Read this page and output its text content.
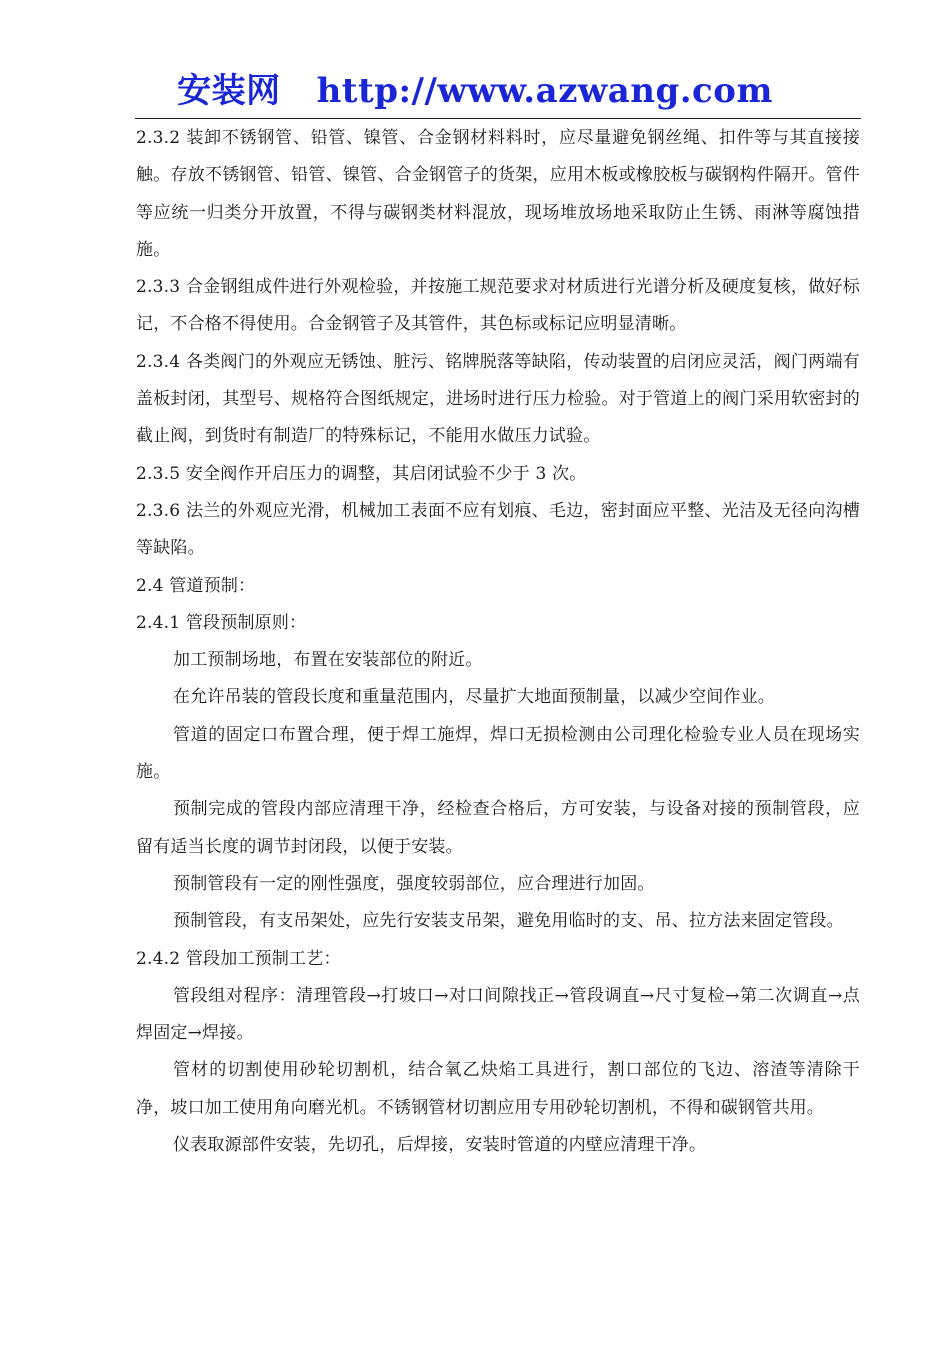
安装网 http://www.azwang.com

2.3.2 装卸不锈钢管、铅管、镍管、合金钢材料料时，应尽量避免钢丝绳、扣件等与其直接接触。存放不锈钢管、铅管、镍管、合金钢管子的货架，应用木板或橡胶板与碳钢构件隔开。管件等应统一归类分开放置，不得与碳钢类材料混放，现场堆放场地采取防止生锈、雨淋等腐蚀措施。

2.3.3 合金钢组成件进行外观检验，并按施工规范要求对材质进行光谱分析及硬度复核，做好标记，不合格不得使用。合金钢管子及其管件，其色标或标记应明显清晰。

2.3.4 各类阀门的外观应无锈蚀、脏污、铭牌脱落等缺陷，传动装置的启闭应灵活，阀门两端有盖板封闭，其型号、规格符合图纸规定，进场时进行压力检验。对于管道上的阀门采用软密封的截止阀，到货时有制造厂的特殊标记，不能用水做压力试验。

2.3.5 安全阀作开启压力的调整，其启闭试验不少于 3 次。

2.3.6 法兰的外观应光滑，机械加工表面不应有划痕、毛边，密封面应平整、光洁及无径向沟槽等缺陷。

2.4 管道预制：

2.4.1 管段预制原则：

加工预制场地，布置在安装部位的附近。

在允许吊装的管段长度和重量范围内，尽量扩大地面预制量，以减少空间作业。

管道的固定口布置合理，便于焊工施焊，焊口无损检测由公司理化检验专业人员在现场实施。

预制完成的管段内部应清理干净，经检查合格后，方可安装，与设备对接的预制管段，应留有适当长度的调节封闭段，以便于安装。

预制管段有一定的刚性强度，强度较弱部位，应合理进行加固。

预制管段，有支吊架处，应先行安装支吊架，避免用临时的支、吊、拉方法来固定管段。

2.4.2 管段加工预制工艺：

管段组对程序：清理管段→打坡口→对口间隙找正→管段调直→尺寸复检→第二次调直→点焊固定→焊接。

管材的切割使用砂轮切割机，结合氧乙炔焰工具进行，割口部位的飞边、溶渣等清除干净，坡口加工使用角向磨光机。不锈钢管材切割应用专用砂轮切割机，不得和碳钢管共用。

仪表取源部件安装，先切孔，后焊接，安装时管道的内壁应清理干净。
